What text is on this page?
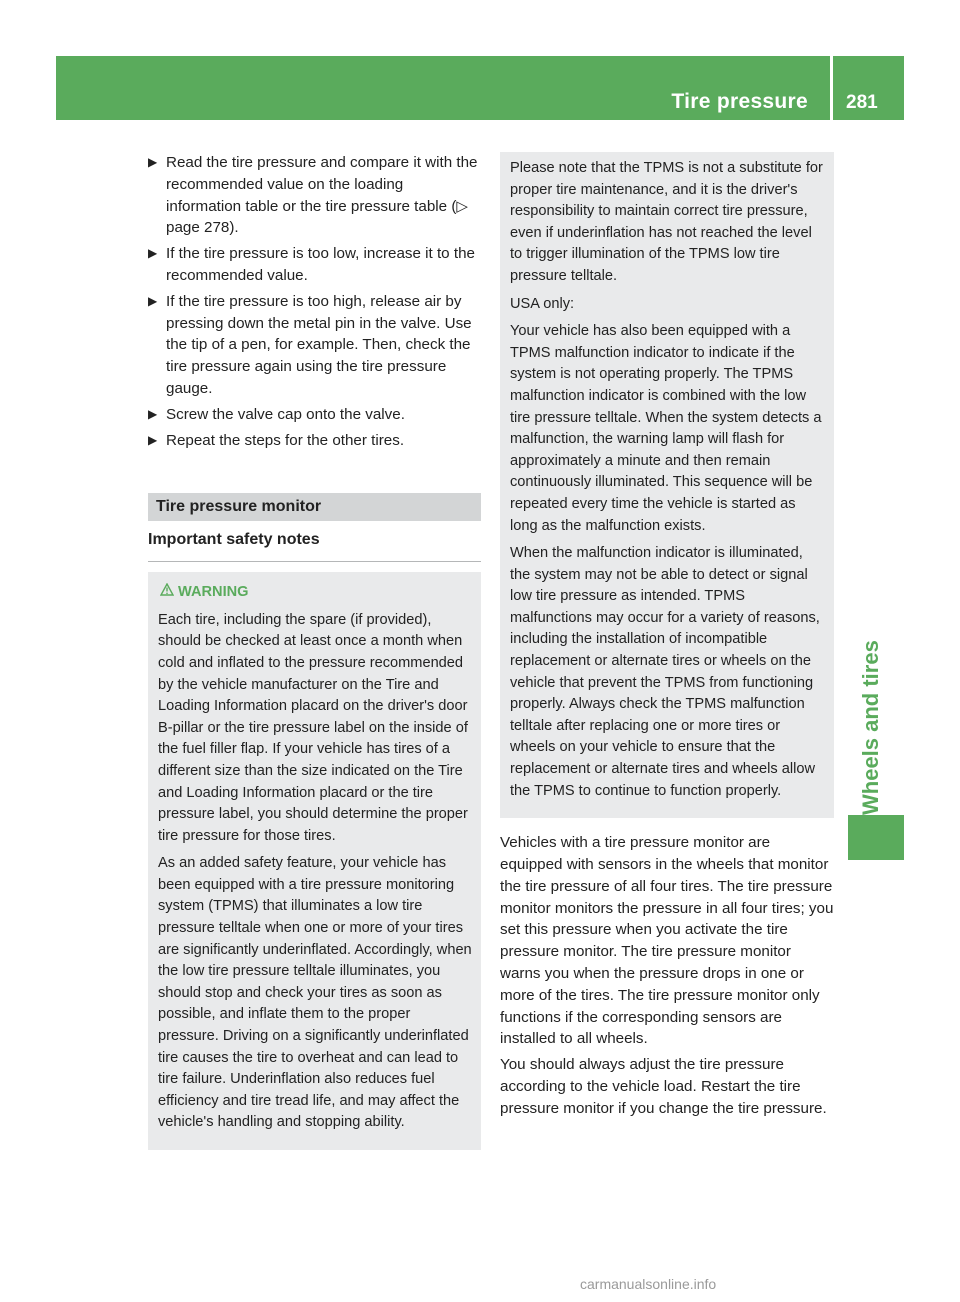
Tire pressure 281
Wheels and tires
▶ Read the tire pressure and compare it with the recommended value on the loading information table or the tire pressure table (▷ page 278).
▶ If the tire pressure is too low, increase it to the recommended value.
▶ If the tire pressure is too high, release air by pressing down the metal pin in the valve. Use the tip of a pen, for example. Then, check the tire pressure again using the tire pressure gauge.
▶ Screw the valve cap onto the valve.
▶ Repeat the steps for the other tires.
Tire pressure monitor
Important safety notes
WARNING

Each tire, including the spare (if provided), should be checked at least once a month when cold and inflated to the pressure recommended by the vehicle manufacturer on the Tire and Loading Information placard on the driver's door B-pillar or the tire pressure label on the inside of the fuel filler flap. If your vehicle has tires of a different size than the size indicated on the Tire and Loading Information placard or the tire pressure label, you should determine the proper tire pressure for those tires.

As an added safety feature, your vehicle has been equipped with a tire pressure monitoring system (TPMS) that illuminates a low tire pressure telltale when one or more of your tires are significantly underinflated. Accordingly, when the low tire pressure telltale illuminates, you should stop and check your tires as soon as possible, and inflate them to the proper pressure. Driving on a significantly underinflated tire causes the tire to overheat and can lead to tire failure. Underinflation also reduces fuel efficiency and tire tread life, and may affect the vehicle's handling and stopping ability.

Please note that the TPMS is not a substitute for proper tire maintenance, and it is the driver's responsibility to maintain correct tire pressure, even if underinflation has not reached the level to trigger illumination of the TPMS low tire pressure telltale.

USA only:

Your vehicle has also been equipped with a TPMS malfunction indicator to indicate if the system is not operating properly. The TPMS malfunction indicator is combined with the low tire pressure telltale. When the system detects a malfunction, the warning lamp will flash for approximately a minute and then remain continuously illuminated. This sequence will be repeated every time the vehicle is started as long as the malfunction exists.

When the malfunction indicator is illuminated, the system may not be able to detect or signal low tire pressure as intended. TPMS malfunctions may occur for a variety of reasons, including the installation of incompatible replacement or alternate tires or wheels on the vehicle that prevent the TPMS from functioning properly. Always check the TPMS malfunction telltale after replacing one or more tires or wheels on your vehicle to ensure that the replacement or alternate tires and wheels allow the TPMS to continue to function properly.

Vehicles with a tire pressure monitor are equipped with sensors in the wheels that monitor the tire pressure of all four tires. The tire pressure monitor monitors the pressure in all four tires; you set this pressure when you activate the tire pressure monitor. The tire pressure monitor warns you when the pressure drops in one or more of the tires. The tire pressure monitor only functions if the corresponding sensors are installed to all wheels.

You should always adjust the tire pressure according to the vehicle load. Restart the tire pressure monitor if you change the tire pressure.

carmanualsonline.info
